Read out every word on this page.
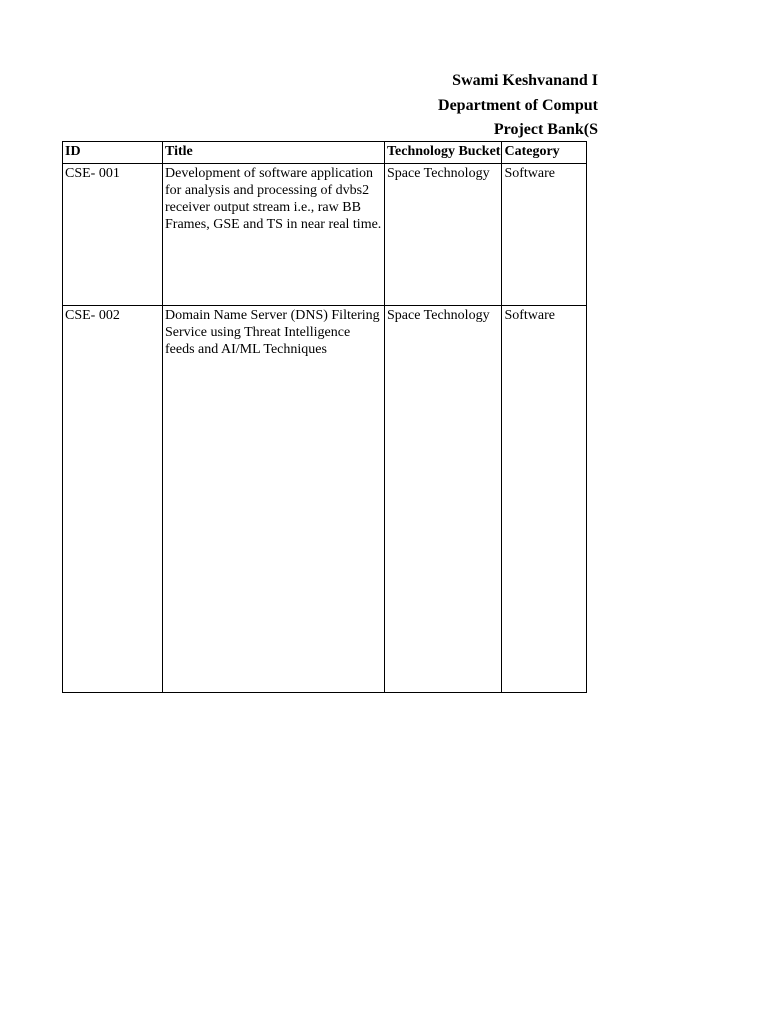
Swami Keshvanand I
Department of Comput
Project Bank(S
ID	Title	Technology Bucket	Category
CSE- 001	Development of software application for analysis and processing of dvbs2 receiver output stream i.e., raw BB Frames, GSE and TS in near real time.	Space Technology	Software
CSE- 002	Domain Name Server (DNS) Filtering Service using Threat Intelligence feeds and AI/ML Techniques	Space Technology	Software
